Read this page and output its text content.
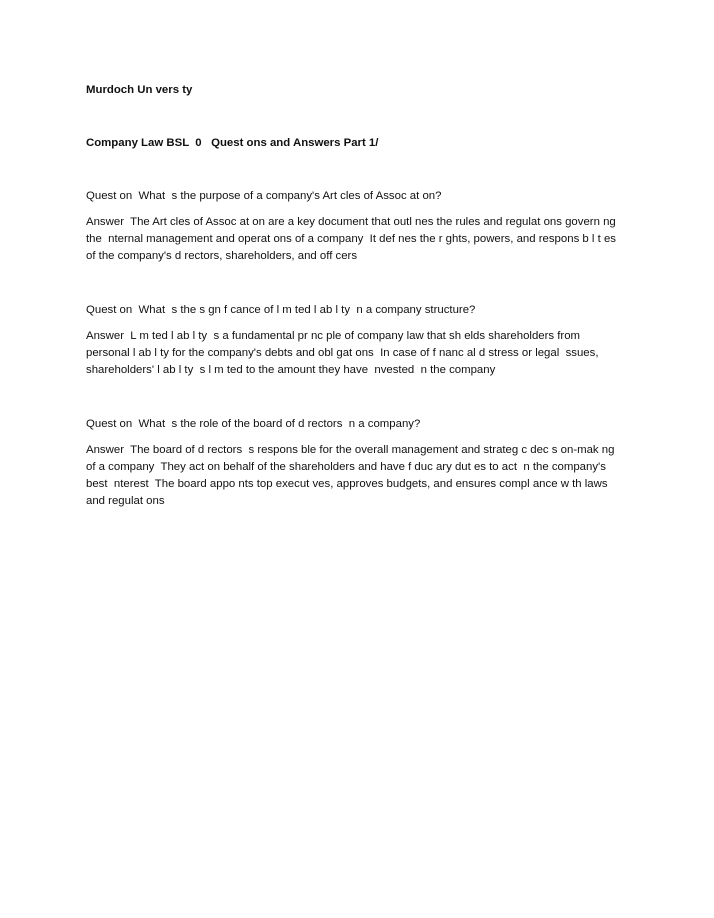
Murdoch Un vers ty
Company Law BSL  0   Quest ons and Answers Part 1/
Quest on  What  s the purpose of a company's Art cles of Assoc at on?
Answer  The Art cles of Assoc at on are a key document that outl nes the rules and regulat ons govern ng
the  nternal management and operat ons of a company  It def nes the r ghts, powers, and respons b l t es
of the company's d rectors, shareholders, and off cers
Quest on  What  s the s gn f cance of l m ted l ab l ty  n a company structure?
Answer  L m ted l ab l ty  s a fundamental pr nc ple of company law that sh elds shareholders from
personal l ab l ty for the company's debts and obl gat ons  In case of f nanc al d stress or legal  ssues,
shareholders' l ab l ty  s l m ted to the amount they have  nvested  n the company
Quest on  What  s the role of the board of d rectors  n a company?
Answer  The board of d rectors  s respons ble for the overall management and strateg c dec s on-mak ng
of a company  They act on behalf of the shareholders and have f duc ary dut es to act  n the company's
best  nterest  The board appo nts top execut ves, approves budgets, and ensures compl ance w th laws
and regulat ons
